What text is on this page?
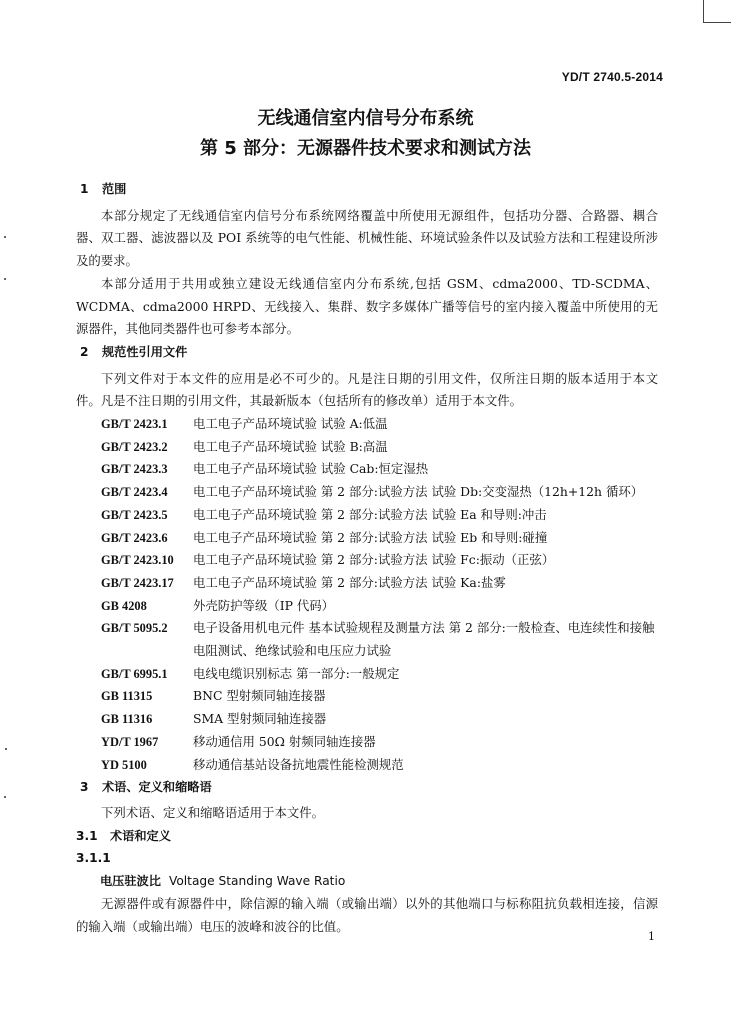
YD/T 2740.5-2014
无线通信室内信号分布系统
第 5 部分：无源器件技术要求和测试方法
1 范围

本部分规定了无线通信室内信号分布系统网络覆盖中所使用无源组件，包括功分器、合路器、耦合器、双工器、滤波器以及 POI 系统等的电气性能、机械性能、环境试验条件以及试验方法和工程建设所涉及的要求。

本部分适用于共用或独立建设无线通信室内分布系统,包括 GSM、cdma2000、TD-SCDMA、WCDMA、cdma2000 HRPD、无线接入、集群、数字多媒体广播等信号的室内接入覆盖中所使用的无源器件，其他同类器件也可参考本部分。

2 规范性引用文件

下列文件对于本文件的应用是必不可少的。凡是注日期的引用文件，仅所注日期的版本适用于本文件。凡是不注日期的引用文件，其最新版本（包括所有的修改单）适用于本文件。

GB/T 2423.1	电工电子产品环境试验 试验 A:低温
GB/T 2423.2	电工电子产品环境试验 试验 B:高温
GB/T 2423.3	电工电子产品环境试验 试验 Cab:恒定湿热
GB/T 2423.4	电工电子产品环境试验 第 2 部分:试验方法 试验 Db:交变湿热（12h+12h 循环）
GB/T 2423.5	电工电子产品环境试验 第 2 部分:试验方法 试验 Ea 和导则:冲击
GB/T 2423.6	电工电子产品环境试验 第 2 部分:试验方法 试验 Eb 和导则:碰撞
GB/T 2423.10	电工电子产品环境试验 第 2 部分:试验方法 试验 Fc:振动（正弦）
GB/T 2423.17	电工电子产品环境试验 第 2 部分:试验方法 试验 Ka:盐雾
GB 4208	外壳防护等级（IP 代码）
GB/T 5095.2	电子设备用机电元件 基本试验规程及测量方法 第 2 部分:一般检查、电连续性和接触电阻测试、绝缘试验和电压应力试验
GB/T 6995.1	电线电缆识别标志 第一部分:一般规定
GB 11315	BNC 型射频同轴连接器
GB 11316	SMA 型射频同轴连接器
YD/T 1967	移动通信用 50Ω 射频同轴连接器
YD 5100	移动通信基站设备抗地震性能检测规范
3 术语、定义和缩略语

下列术语、定义和缩略语适用于本文件。

3.1 术语和定义
3.1.1
电压驻波比 Voltage Standing Wave Ratio

无源器件或有源器件中，除信源的输入端（或输出端）以外的其他端口与标称阻抗负载相连接，信源的输入端（或输出端）电压的波峰和波谷的比值。

1
